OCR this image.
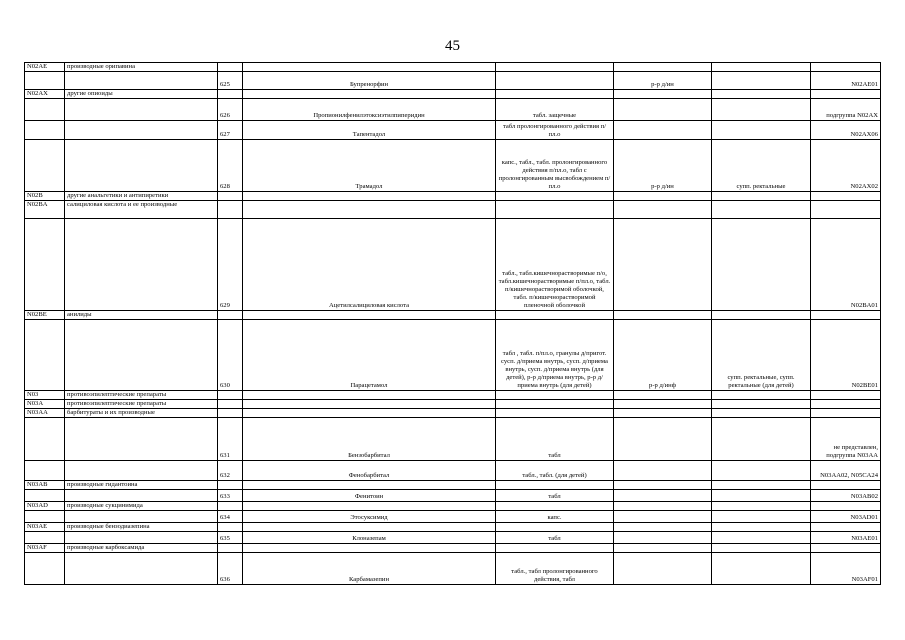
45
N02AE	производные орипавина						
		625	Бупренорфин		р-р д/ин		N02AE01
N02AX	другие опиоиды						
		626	Пропионилфенилэтоксиэтилпиперидин	табл. защечные			подгруппа N02AX
		627	Тапентадол	табл пролонгированного действия п/пл.о			N02AX06
		628	Трамадол	капс., табл., табл. пролонгированного действия п/пл.о, табл с пролонгированным высвобождением п/пл.о	р-р д/ин	супп. ректальные	N02AX02
N02B	другие анальгетики и антипиретики						
N02BA	салициловая кислота и ее производные						
		629	Ацетилсалициловая кислота	табл., табл.кишечнорастворимые п/о, табл.кишечнорастворимые п/пл.о, табл. п/кишечнорастворимой оболочкой, табл. п/кишечнорастворимой пленочной оболочкой			N02BA01
N02BE	анилиды						
		630	Парацетамол	табл , табл. п/пл.о, гранулы д/пригот. сусп. д/приема внутрь, сусп. д/приема внутрь, сусп. д/приема внутрь (для детей), р-р д/приема внутрь, р-р д/приема внутрь (для детей)	р-р д/инф	супп. ректальные, супп. ректальные (для детей)	N02BE01
N03	противоэпилептические препараты						
N03A	противоэпилептические препараты						
N03AA	барбитураты и их производные						
		631	Бензобарбитал	табл			не представлен, подгруппа N03AA
		632	Фенобарбитал	табл., табл. (для детей)			N03AA02, N05CA24
N03AB	производные гидантоина						
		633	Фенитоин	табл			N03AB02
N03AD	производные сукцинимида						
		634	Этосуксимид	капс.			N03AD01
N03AE	производные бензодиазепина						
		635	Клоназепам	табл			N03AE01
N03AF	производные карбоксамида						
		636	Карбамазепин	табл., табл пролонгированного действия, табл			N03AF01
